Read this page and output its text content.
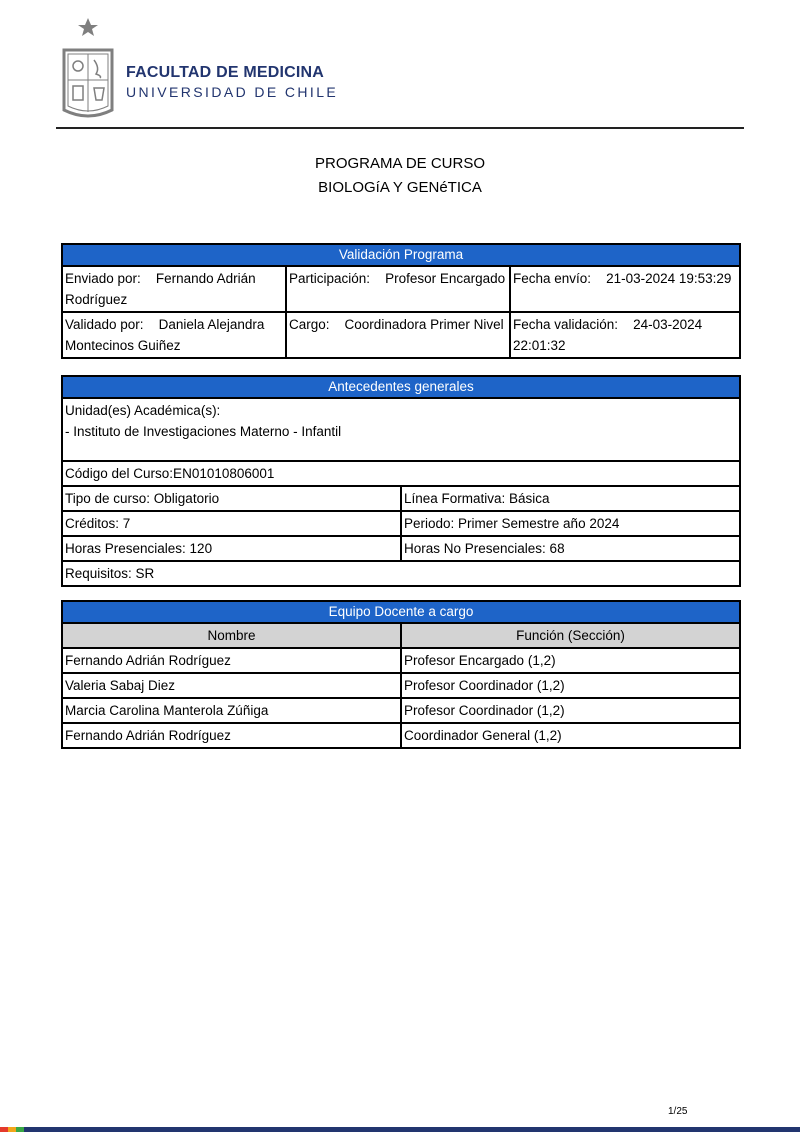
FACULTAD DE MEDICINA
UNIVERSIDAD DE CHILE
PROGRAMA DE CURSO
BIOLOGíA Y GENéTICA
Validación Programa		
Enviado por: Fernando Adrián Rodríguez	Participación: Profesor Encargado	Fecha envío: 21-03-2024 19:53:29
Validado por: Daniela Alejandra Montecinos Guiñez	Cargo: Coordinadora Primer Nivel	Fecha validación: 24-03-2024 22:01:32
Antecedentes generales	

Unidad(es) Académica(s):
- Instituto de Investigaciones Materno - Infantil	

Código del Curso:EN01010806001	
Tipo de curso: Obligatorio	Línea Formativa: Básica
Créditos: 7	Periodo: Primer Semestre año 2024
Horas Presenciales: 120	Horas No Presenciales: 68
Requisitos: SR	
Equipo Docente a cargo	
Nombre	Función (Sección)
Fernando Adrián Rodríguez	Profesor Encargado (1,2)
Valeria Sabaj Diez	Profesor Coordinador (1,2)
Marcia Carolina Manterola Zúñiga	Profesor Coordinador (1,2)
Fernando Adrián Rodríguez	Coordinador General (1,2)
1/25
